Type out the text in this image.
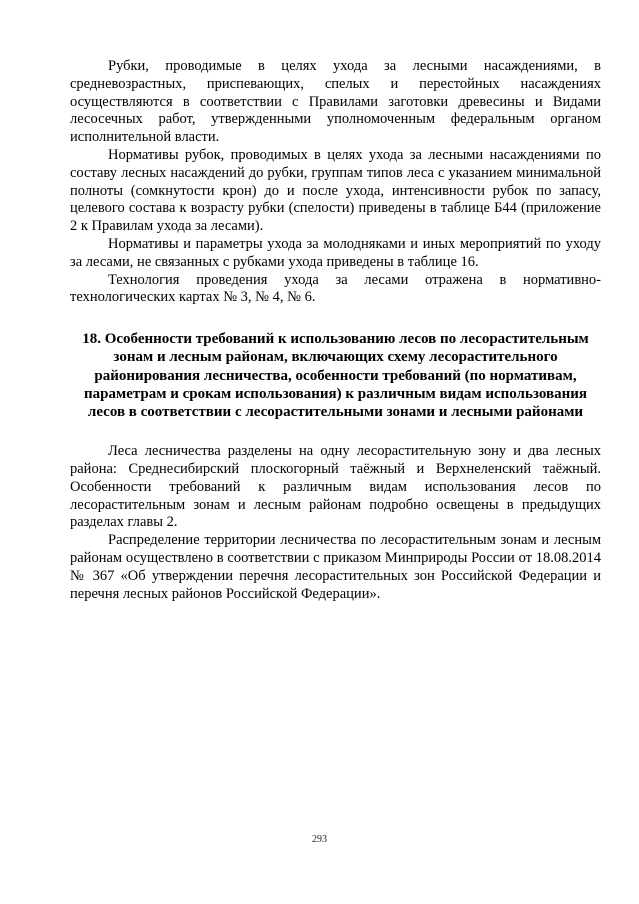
Рубки, проводимые в целях ухода за лесными насаждениями, в средневозрастных, приспевающих, спелых и перестойных насаждениях осуществляются в соответствии с Правилами заготовки древесины и Видами лесосечных работ, утвержденными уполномоченным федеральным органом исполнительной власти.

Нормативы рубок, проводимых в целях ухода за лесными насаждениями по составу лесных насаждений до рубки, группам типов леса с указанием минимальной полноты (сомкнутости крон) до и после ухода, интенсивности рубок по запасу, целевого состава к возрасту рубки (спелости) приведены в таблице Б44 (приложение 2 к Правилам ухода за лесами).

Нормативы и параметры ухода за молодняками и иных мероприятий по уходу за лесами, не связанных с рубками ухода приведены в таблице 16.

Технология проведения ухода за лесами отражена в нормативно-технологических картах № 3, № 4, № 6.

18. Особенности требований к использованию лесов по лесорастительным зонам и лесным районам, включающих схему лесорастительного районирования лесничества, особенности требований (по нормативам, параметрам и срокам использования) к различным видам использования лесов в соответствии с лесорастительными зонами и лесными районами

Леса лесничества разделены на одну лесорастительную зону и два лесных района: Среднесибирский плоскогорный таёжный и Верхнеленский таёжный. Особенности требований к различным видам использования лесов по лесорастительным зонам и лесным районам подробно освещены в предыдущих разделах главы 2.

Распределение территории лесничества по лесорастительным зонам и лесным районам осуществлено в соответствии с приказом Минприроды России от 18.08.2014 № 367 «Об утверждении перечня лесорастительных зон Российской Федерации и перечня лесных районов Российской Федерации».

293
